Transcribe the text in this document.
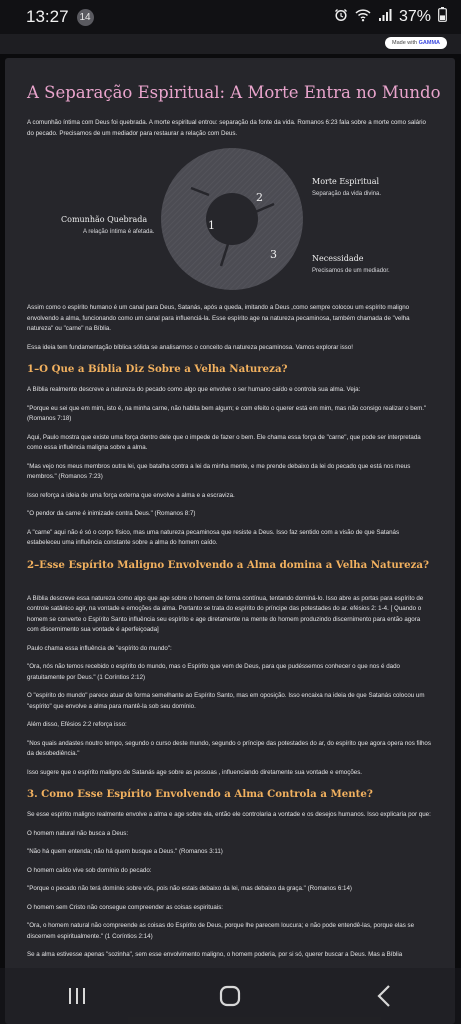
13:27 14	37%
Made with GAMMA
A Separação Espiritual: A Morte Entra no Mundo

A comunhão íntima com Deus foi quebrada. A morte espiritual entrou: separação da fonte da vida. Romanos 6:23 fala sobre a morte como salário do pecado. Precisamos de um mediador para restaurar a relação com Deus.

1
2
3
Comunhão Quebrada
A relação íntima é afetada.
Morte Espiritual
Separação da vida divina.
Necessidade
Precisamos de um mediador.

Assim como o espírito humano é um canal para Deus, Satanás, após a queda, imitando a Deus ,como sempre colocou um espírito maligno envolvendo a alma, funcionando como um canal para influenciá-la. Esse espírito age na natureza pecaminosa, também chamada de "velha natureza" ou "carne" na Bíblia.

Essa ideia tem fundamentação bíblica sólida se analisarmos o conceito da natureza pecaminosa. Vamos explorar isso!

1–O Que a Bíblia Diz Sobre a Velha Natureza?

A Bíblia realmente descreve a natureza do pecado como algo que envolve o ser humano caído e controla sua alma. Veja:

"Porque eu sei que em mim, isto é, na minha carne, não habita bem algum; e com efeito o querer está em mim, mas não consigo realizar o bem." (Romanos 7:18)

Aqui, Paulo mostra que existe uma força dentro dele que o impede de fazer o bem. Ele chama essa força de "carne", que pode ser interpretada como essa influência maligna sobre a alma.

"Mas vejo nos meus membros outra lei, que batalha contra a lei da minha mente, e me prende debaixo da lei do pecado que está nos meus membros." (Romanos 7:23)

Isso reforça a ideia de uma força externa que envolve a alma e a escraviza.

"O pendor da carne é inimizade contra Deus." (Romanos 8:7)

A "carne" aqui não é só o corpo físico, mas uma natureza pecaminosa que resiste a Deus. Isso faz sentido com a visão de que Satanás estabeleceu uma influência constante sobre a alma do homem caído.

2–Esse Espírito Maligno Envolvendo a Alma domina a Velha Natureza?

A Bíblia descreve essa natureza como algo que age sobre o homem de forma contínua, tentando dominá-lo. Isso abre as portas para espírito de controle satânico agir, na vontade e emoções da alma. Portanto se trata do espírito do príncipe das potestades do ar. efésios 2: 1-4. [ Quando o homem se converte o Espírito Santo influência seu espírito e age diretamente na mente do homem produzindo discernimento para então agora com discernimento sua vontade é aperfeiçoada]

Paulo chama essa influência de "espírito do mundo":

"Ora, nós não temos recebido o espírito do mundo, mas o Espírito que vem de Deus, para que pudéssemos conhecer o que nos é dado gratuitamente por Deus." (1 Coríntios 2:12)

O "espírito do mundo" parece atuar de forma semelhante ao Espírito Santo, mas em oposição. Isso encaixa na ideia de que Satanás colocou um "espírito" que envolve a alma para mantê-la sob seu domínio.

Além disso, Efésios 2:2 reforça isso:

"Nos quais andastes noutro tempo, segundo o curso deste mundo, segundo o príncipe das potestades do ar, do espírito que agora opera nos filhos da desobediência."

Isso sugere que o espírito maligno de Satanás age sobre as pessoas , influenciando diretamente sua vontade e emoções.

3. Como Esse Espírito Envolvendo a Alma Controla a Mente?

Se esse espírito maligno realmente envolve a alma e age sobre ela, então ele controlaria a vontade e os desejos humanos. Isso explicaria por que:

O homem natural não busca a Deus:

"Não há quem entenda; não há quem busque a Deus." (Romanos 3:11)

O homem caído vive sob domínio do pecado:

"Porque o pecado não terá domínio sobre vós, pois não estais debaixo da lei, mas debaixo da graça." (Romanos 6:14)

O homem sem Cristo não consegue compreender as coisas espirituais:

"Ora, o homem natural não compreende as coisas do Espírito de Deus, porque lhe parecem loucura; e não pode entendê-las, porque elas se discernem espiritualmente." (1 Coríntios 2:14)

Se a alma estivesse apenas "sozinha", sem esse envolvimento maligno, o homem poderia, por si só, querer buscar a Deus. Mas a Bíblia
